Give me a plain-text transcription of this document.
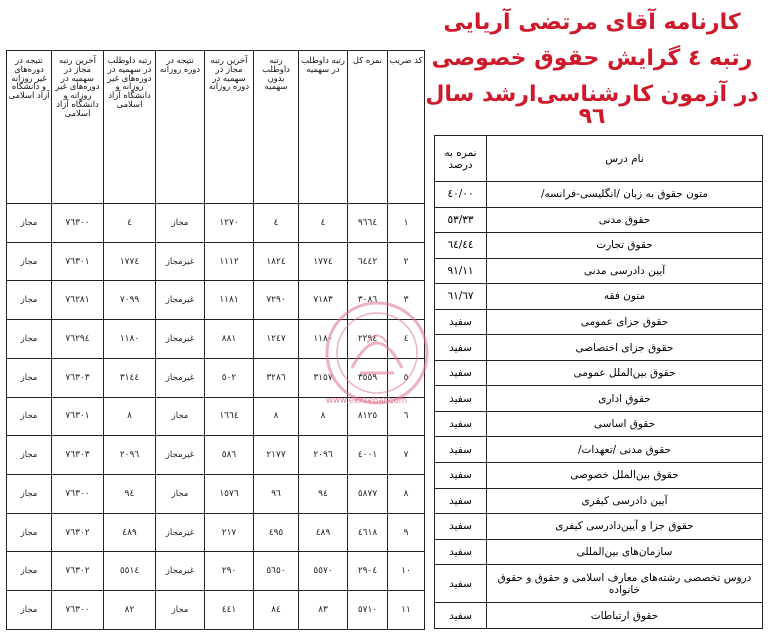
کارنامه آقای مرتضی آریایی
رتبه ٤ گرایش حقوق خصوصی
در آزمون کارشناسی‌ارشد سال ٩٦
کد ضریب	نمره کل	رتبه داوطلب در سهمیه	رتبه داوطلب بدون سهمیه	آخرین رتبه مجاز در سهمیه در دوره روزانه	نتیجه در دوره روزانه	رتبه داوطلب در سهمیه در دوره‌های غیر روزانه و دانشگاه آزاد اسلامی	آخرین رتبه مجاز در سهمیه در دوره‌های غیر روزانه و دانشگاه آزاد اسلامی	نتیجه در دوره‌های غیر روزانه و دانشگاه آزاد اسلامی
١	٩٦٦٤	٤	٤	١٢٧٠	مجاز	٤	٧٦٣٠٠	مجاز
٢	٦٤٤٢	١٧٧٤	١٨٢٤	١١١٢	غیرمجاز	١٧٧٤	٧٦٣٠١	مجاز
٣	٣٠٨٦	٧١٨٣	٧٢٩٠	١١٨١	غیرمجاز	٧٠٩٩	٧٦٢٨١	مجاز
٤	٢٢٩٤	١١٨٠	١٢٤٧	٨٨١	غیرمجاز	١١٨٠	٧٦٢٩٤	مجاز
٥	٣٥٥٩	٣١٥٧	٣٢٨٦	٥٠٢	غیرمجاز	٣١٤٤	٧٦٣٠٣	مجاز
٦	٨١٢٥	٨	٨	١٦٦٤	مجاز	٨	٧٦٣٠١	مجاز
٧	٤٠٠١	٢٠٩٦	٢١٧٧	٥٨٦	غیرمجاز	٢٠٩٦	٧٦٣٠٣	مجاز
٨	٥٨٧٧	٩٤	٩٦	١٥٧٦	مجاز	٩٤	٧٦٣٠٠	مجاز
٩	٤٦١٨	٤٨٩	٤٩٥	٢١٧	غیرمجاز	٤٨٩	٧٦٣٠٢	مجاز
١٠	٢٩٠٤	٥٥٧٠	٥٦٥٠	٢٩٠	غیرمجاز	٥٥١٤	٧٦٣٠٢	مجاز
١١	٥٧١٠	٨٣	٨٤	٤٤١	مجاز	٨٢	٧٦٣٠٠	مجاز
نام درس	نمره به درصد
متون حقوق به زبان /انگلیسی-فرانسه/	٤٠/٠٠
حقوق مدنی	٥٣/٣٣
حقوق تجارت	٦٤/٤٤
آیین دادرسی مدنی	٩١/١١
متون فقه	٦١/٦٧
حقوق جزای عمومی	سفید
حقوق جزای اختصاصی	سفید
حقوق بین‌الملل عمومی	سفید
حقوق اداری	سفید
حقوق اساسی	سفید
حقوق مدنی /تعهدات/	سفید
حقوق بین‌الملل خصوصی	سفید
آیین دادرسی کیفری	سفید
حقوق جزا و آیین‌دادرسی کیفری	سفید
سازمان‌های بین‌المللی	سفید
دروس تخصصی رشته‌های معارف اسلامی و حقوق و حقوق خانواده	سفید
حقوق ارتباطات	سفید
www.ekhtebar.com
